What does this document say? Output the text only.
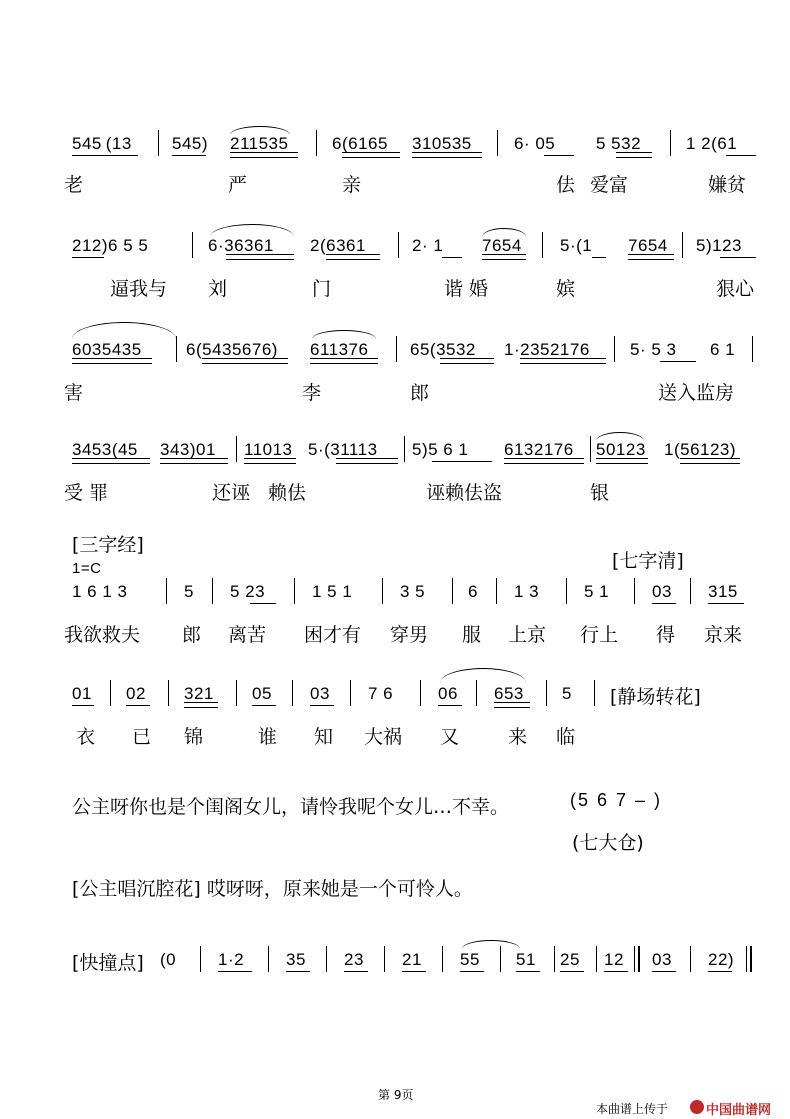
545 (13 545) 211535	6(6165 310535 6· 05 5 532	1 2(61
老	严	亲	佉 爱富	嫌贫
212)6 5 5	6·36361 2(6361	2· 1 7654 5·(1 7654 5)123
逼我与 刘	门	谐 婚	嫔	狠心
6035435	6(5435676) 611376 65(3532 1·2352176 5· 5 3 6 1
害	李	郎	送入监房
3453(45 343)01 11013 5·(31113 5)5 6 1 6132176 50123 1(56123)
受 罪	还诬 赖佉	诬赖佉盗	银
[三字经]
[七字清]
1=C
1 6 1 3	5 5 23	1 5 1	3 5	6 1 3	5 1	03 315
我欲救夫 郎 离苦 困才有 穿男 服 上京 行上 得 京来
01 02 321 05 03 7 6	06 653 5 [静场转花]
衣 已 锦	谁 知 大祸 又	来 临
公主呀你也是个闺阁女儿，请怜我呢个女儿…不幸。	(5 6 7 – )
(七大仓)
[公主唱沉腔花] 哎呀呀，原来她是一个可怜人。
[快撞点] (0 1·2 35 23 21 55 51 25 12 03 22)
第 9页
本曲谱上传于	中国曲谱网
